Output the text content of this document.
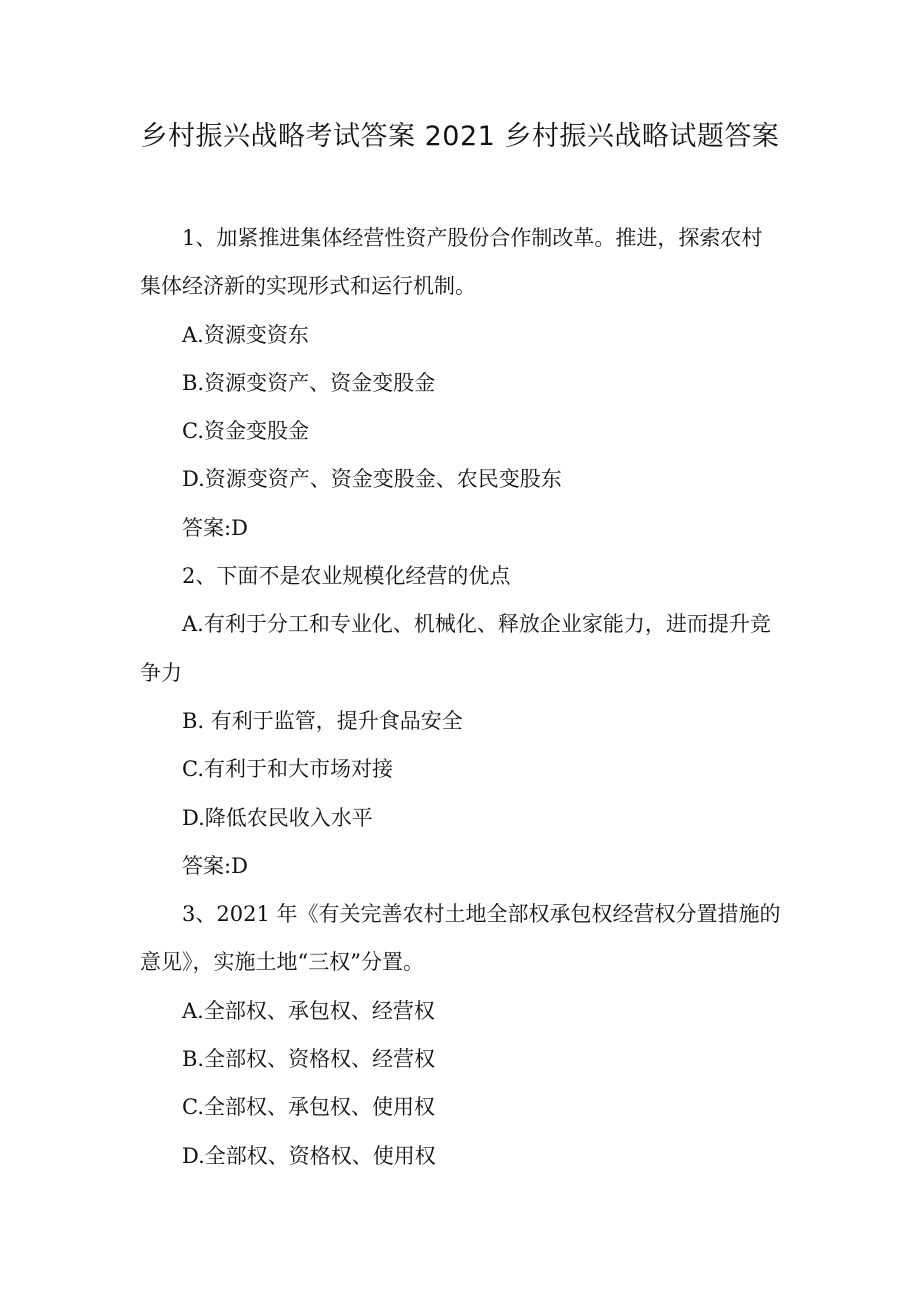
乡村振兴战略考试答案 2021 乡村振兴战略试题答案
1、加紧推进集体经营性资产股份合作制改革。推进，探索农村
集体经济新的实现形式和运行机制。
A.资源变资东
B.资源变资产、资金变股金
C.资金变股金
D.资源变资产、资金变股金、农民变股东
答案:D
2、下面不是农业规模化经营的优点
A.有利于分工和专业化、机械化、释放企业家能力，进而提升竞
争力
B. 有利于监管，提升食品安全
C.有利于和大市场对接
D.降低农民收入水平
答案:D
3、2021 年《有关完善农村土地全部权承包权经营权分置措施的
意见》，实施土地“三权”分置。
A.全部权、承包权、经营权
B.全部权、资格权、经营权
C.全部权、承包权、使用权
D.全部权、资格权、使用权
